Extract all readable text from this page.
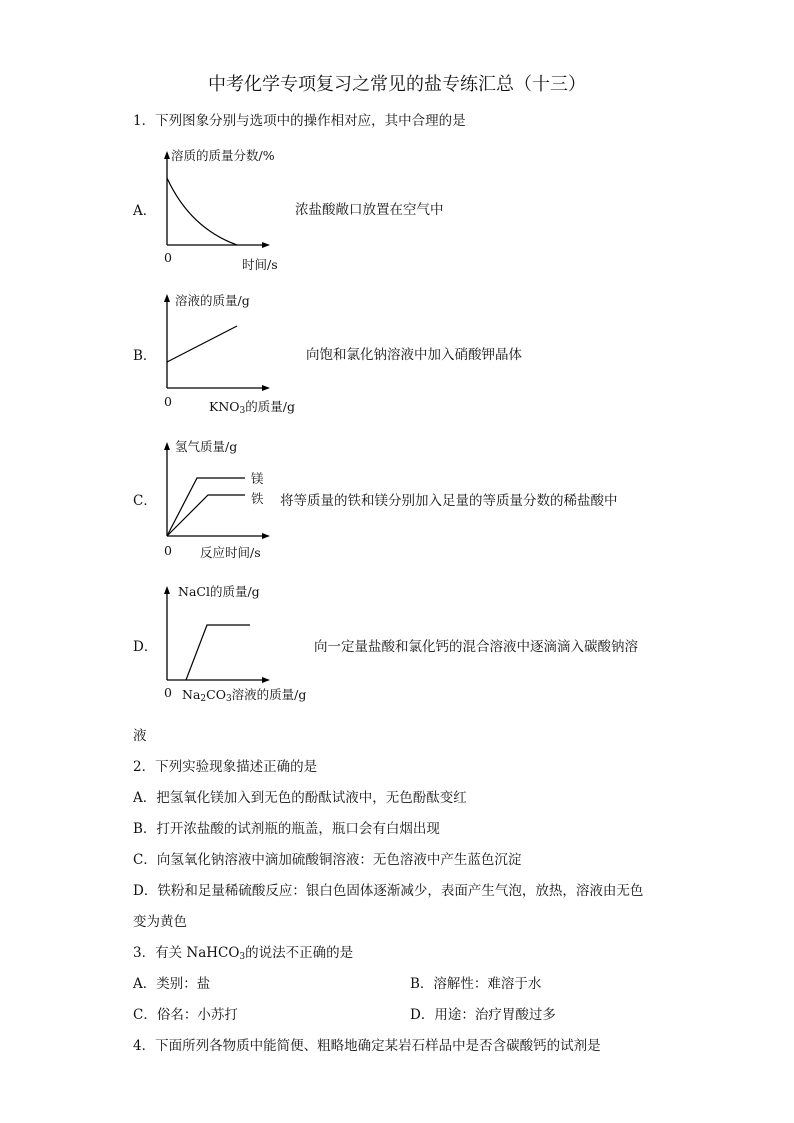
中考化学专项复习之常见的盐专练汇总（十三）
1．下列图象分别与选项中的操作相对应，其中合理的是
A．
溶质的质量分数/%
0	时间/s
浓盐酸敞口放置在空气中
B．
溶液的质量/g
0	$KNO_3$的质量/g
向饱和氯化钠溶液中加入硝酸钾晶体
C．
氢气质量/g
镁
铁
0 反应时间/s
将等质量的铁和镁分别加入足量的等质量分数的稀盐酸中
D．
NaCl的质量/g
0 $Na_2CO_3$溶液的质量/g
向一定量盐酸和氯化钙的混合溶液中逐滴滴入碳酸钠溶
液
2．下列实验现象描述正确的是
A．把氢氧化镁加入到无色的酚酞试液中，无色酚酞变红
B．打开浓盐酸的试剂瓶的瓶盖，瓶口会有白烟出现
C．向氢氧化钠溶液中滴加硫酸铜溶液：无色溶液中产生蓝色沉淀
D．铁粉和足量稀硫酸反应：银白色固体逐渐减少，表面产生气泡，放热，溶液由无色
变为黄色
3．有关 NaHCO$_3$的说法不正确的是
A．类别：盐	B．溶解性：难溶于水
C．俗名：小苏打	D．用途：治疗胃酸过多
4．下面所列各物质中能简便、粗略地确定某岩石样品中是否含碳酸钙的试剂是
